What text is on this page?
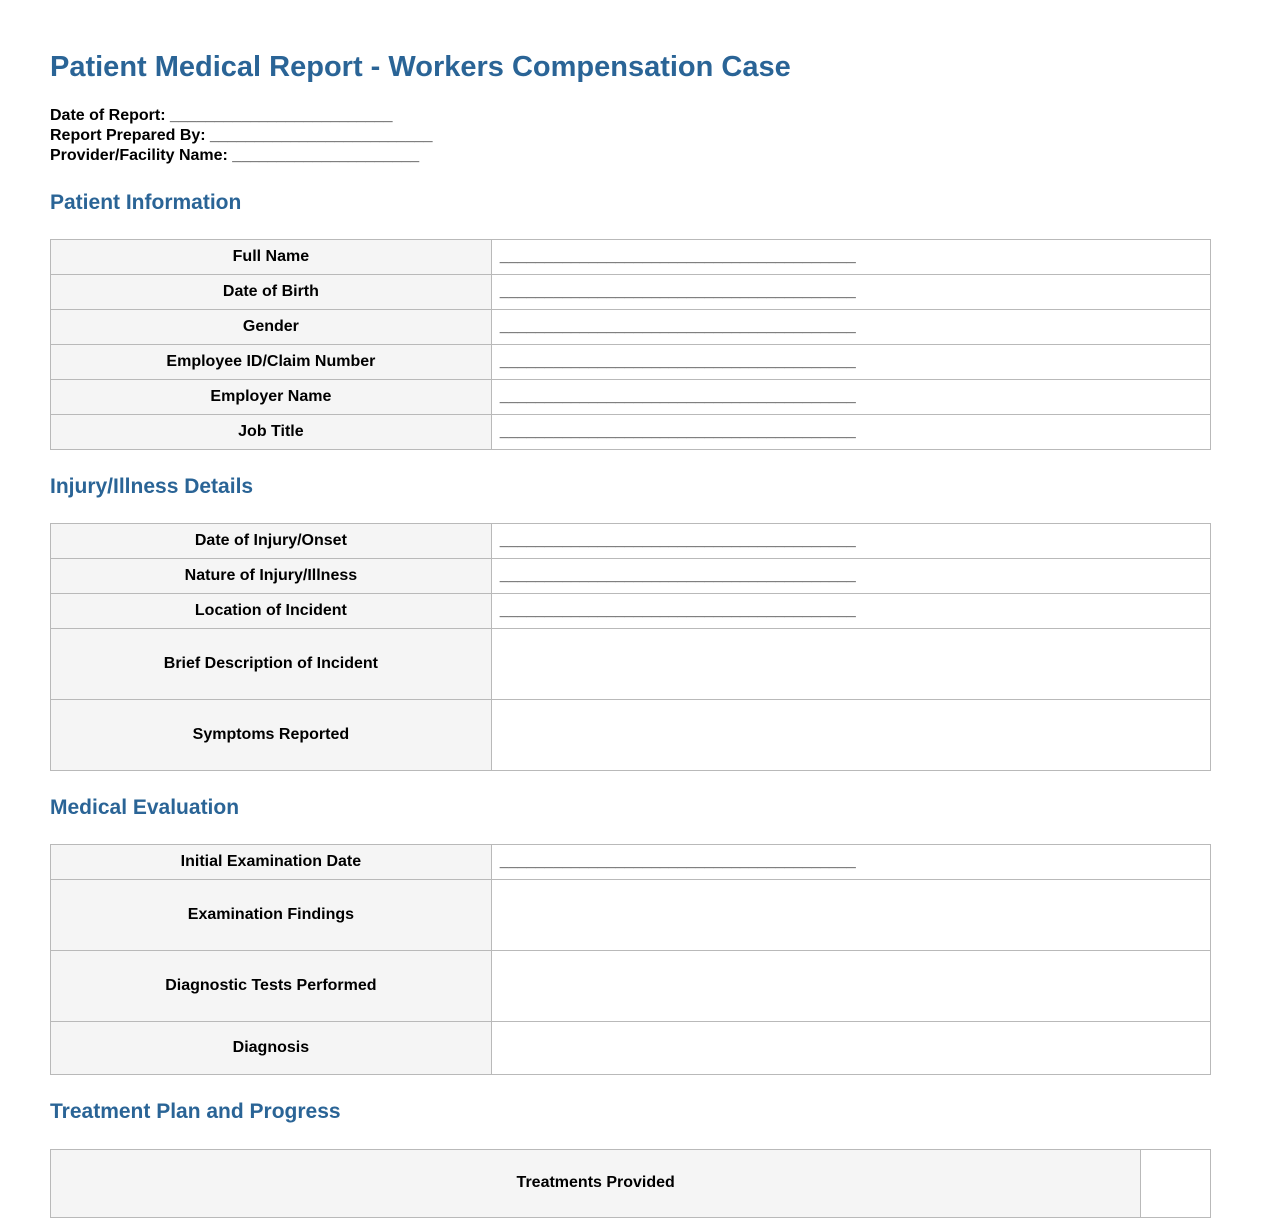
Patient Medical Report - Workers Compensation Case
Date of Report: _________________________
Report Prepared By: _________________________
Provider/Facility Name: _____________________
Patient Information
Full Name	________________________________________
Date of Birth	________________________________________
Gender	________________________________________
Employee ID/Claim Number	________________________________________
Employer Name	________________________________________
Job Title	________________________________________
Injury/Illness Details
Date of Injury/Onset	________________________________________
Nature of Injury/Illness	________________________________________
Location of Incident	________________________________________
Brief Description of Incident	
Symptoms Reported	
Medical Evaluation
Initial Examination Date	________________________________________
Examination Findings	
Diagnostic Tests Performed	
Diagnosis	
Treatment Plan and Progress
Treatments Provided	
